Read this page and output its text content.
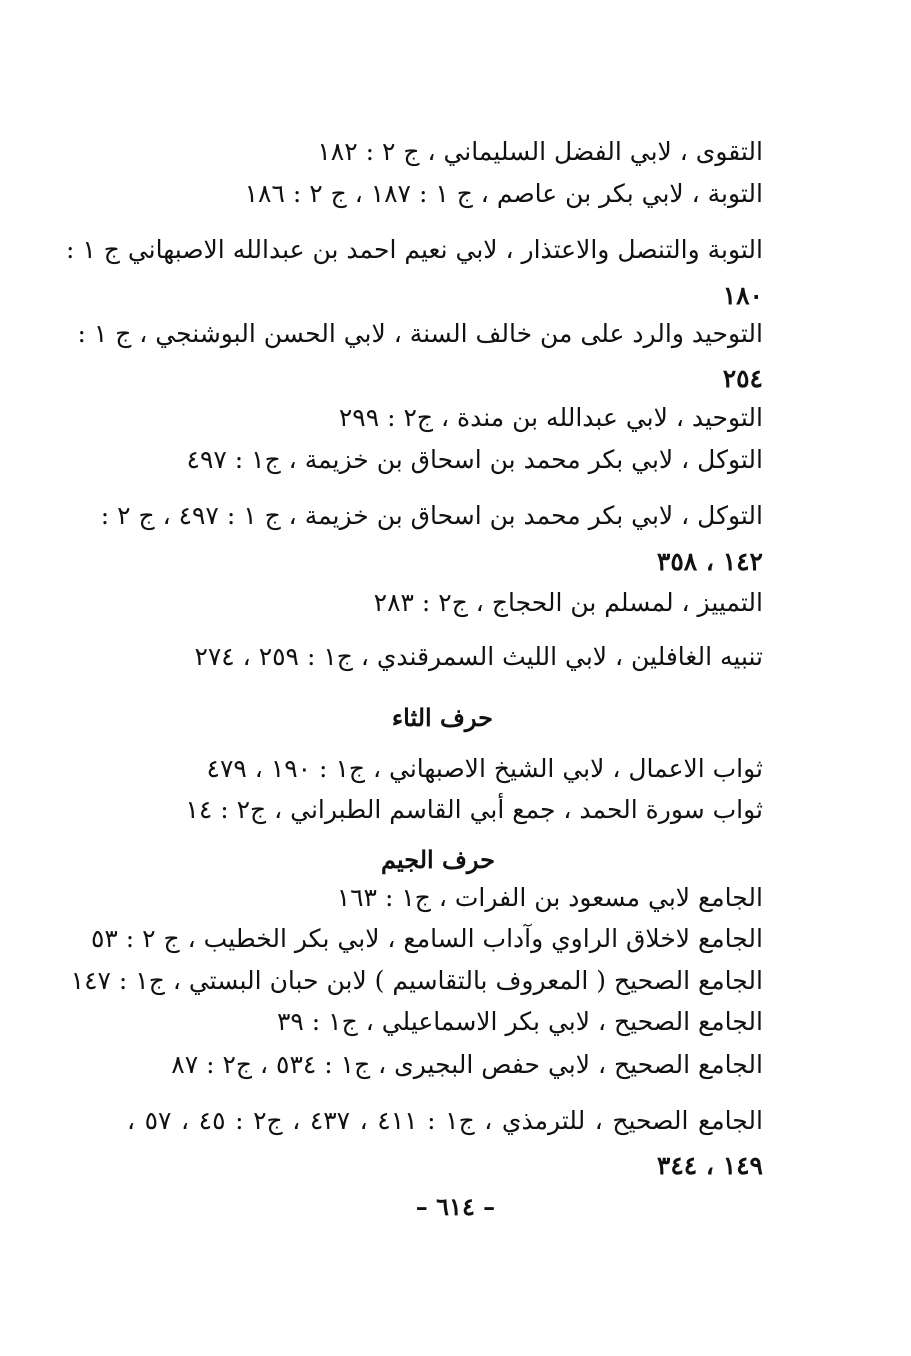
التقوى ، لابي الفضل السليماني ، ج ٢ : ١٨٢
التوبة ، لابي بكر بن عاصم ، ج ١ : ١٨٧ ، ج ٢ : ١٨٦
التوبة والتنصل والاعتذار ، لابي نعيم احمد بن عبدالله الاصبهاني ج ١ :
١٨٠
التوحيد والرد على من خالف السنة ، لابي الحسن البوشنجي ، ج ١ :
٢٥٤
التوحيد ، لابي عبدالله بن مندة ، ج٢ : ٢٩٩
التوكل ، لابي بكر محمد بن اسحاق بن خزيمة ، ج١ : ٤٩٧
التوكل ، لابي بكر محمد بن اسحاق بن خزيمة ، ج ١ : ٤٩٧ ، ج ٢ :
١٤٢ ، ٣٥٨
التمييز ، لمسلم بن الحجاج ، ج٢ : ٢٨٣
تنبيه الغافلين ، لابي الليث السمرقندي ، ج١ : ٢٥٩ ، ٢٧٤
حرف الثاء
ثواب الاعمال ، لابي الشيخ الاصبهاني ، ج١ : ١٩٠ ، ٤٧٩
ثواب سورة الحمد ، جمع أبي القاسم الطبراني ، ج٢ : ١٤
حرف الجيم
الجامع لابي مسعود بن الفرات ، ج١ : ١٦٣
الجامع لاخلاق الراوي وآداب السامع ، لابي بكر الخطيب ، ج ٢ : ٥٣
الجامع الصحيح ( المعروف بالتقاسيم ) لابن حبان البستي ، ج١ : ١٤٧
الجامع الصحيح ، لابي بكر الاسماعيلي ، ج١ : ٣٩
الجامع الصحيح ، لابي حفص البجيرى ، ج١ : ٥٣٤ ، ج٢ : ٨٧
الجامع الصحيح ، للترمذي ، ج١ : ٤١١ ، ٤٣٧ ، ج٢ : ٤٥ ، ٥٧ ،
١٤٩ ، ٣٤٤
– ٦١٤ –
